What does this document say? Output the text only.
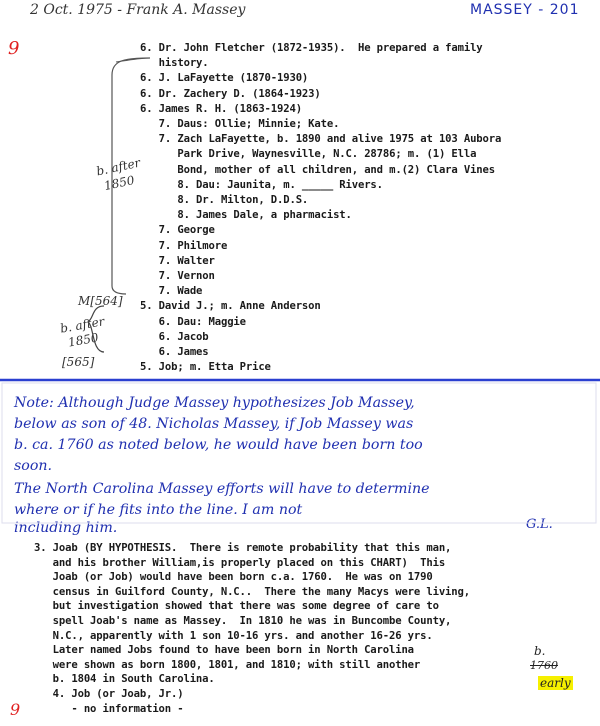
2 Oct. 1975 - Frank A. Massey	MASSEY - 201
9	6. Dr. John Fletcher (1872-1935).  He prepared a family
history.
6. J. LaFayette (1870-1930)
6. Dr. Zachery D. (1864-1923)
6. James R. H. (1863-1924)
7. Daus: Ollie; Minnie; Kate.
7. Zach LaFayette, b. 1890 and alive 1975 at 103 Aubora
Park Drive, Waynesville, N.C. 28786; m. (1) Ella
Bond, mother of all children, and m.(2) Clara Vines
8. Dau: Jaunita, m. _____ Rivers.
8. Dr. Milton, D.D.S.
8. James Dale, a pharmacist.
7. George
7. Philmore
7. Walter
7. Vernon
7. Wade
5. David J.; m. Anne Anderson
6. Dau: Maggie
6. Jacob
6. James
5. Job; m. Etta Price
b. after
1850
M[564]
b. after
1850
[565]
Note: Although Judge Massey hypothesizes Job Massey,
below as son of 48. Nicholas Massey, if Job Massey was
b. ca. 1760 as noted below, he would have been born too
soon.
The North Carolina Massey efforts will have to determine
where or if he fits into the line. I am not
including him.	G.L.
3. Joab (BY HYPOTHESIS.  There is remote probability that this man,
and his brother William,is properly placed on this CHART)  This
Joab (or Job) would have been born c.a. 1760.  He was on 1790
census in Guilford County, N.C..  There the many Macys were living,
but investigation showed that there was some degree of care to
spell Joab's name as Massey.  In 1810 he was in Buncombe County,
N.C., apparently with 1 son 10-16 yrs. and another 16-26 yrs.
Later named Jobs found to have been born in North Carolina
were shown as born 1800, 1801, and 1810; with still another
b. 1804 in South Carolina.
4. Job (or Joab, Jr.)
- no information -
b.
1760
early
9
